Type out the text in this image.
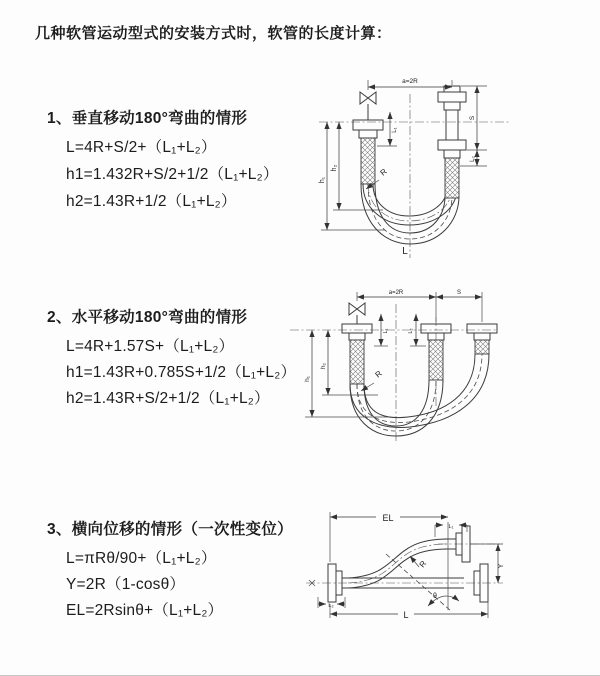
几种软管运动型式的安装方式时，软管的长度计算：
1、垂直移动180°弯曲的情形
L=4R+S/2+（L₁+L₂）
h1=1.432R+S/2+1/2（L₁+L₂）
h2=1.43R+1/2（L₁+L₂）
2、水平移动180°弯曲的情形
L=4R+1.57S+（L₁+L₂）
h1=1.43R+0.785S+1/2（L₁+L₂）
h2=1.43R+S/2+1/2（L₁+L₂）
3、横向位移的情形（一次性变位）
L=πRθ/90+（L₁+L₂）
Y=2R（1-cosθ）
EL=2Rsinθ+（L₁+L₂）
a=2R
h₁
h₂
L₁
S
L₂
R
L
a=2R	S
L₁	L₂
h₁
h₂
R
EL
L₁
Y
L
L₂
R
θ
